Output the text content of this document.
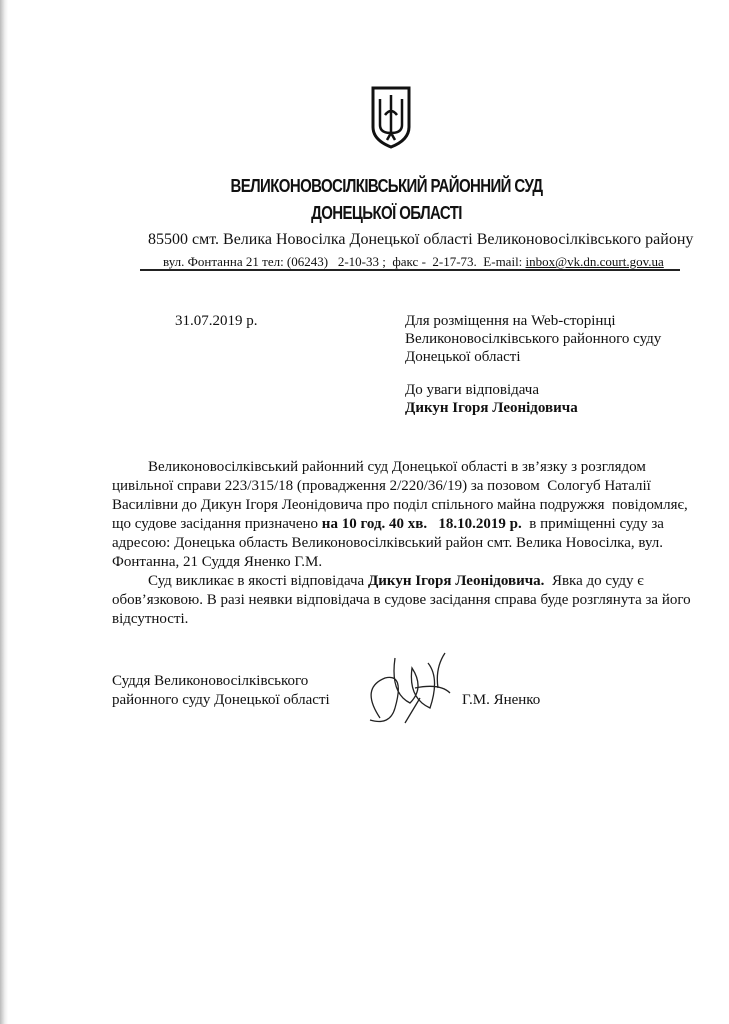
ВЕЛИКОНОВОСІЛКІВСЬКИЙ РАЙОННИЙ СУД
ДОНЕЦЬКОЇ ОБЛАСТІ
85500 смт. Велика Новосілка Донецької області Великоновосілківського району
вул. Фонтанна 21 тел: (06243)   2-10-33 ;  факс -  2-17-73.  E-mail: inbox@vk.dn.court.gov.ua
31.07.2019 р.	Для розміщення на Web-сторінці
Великоновосілківського районного суду
Донецької області
До уваги відповідача
Дикун Ігоря Леонідовича
Великоновосілківський районний суд Донецької області в зв’язку з розглядом
цивільної справи 223/315/18 (провадження 2/220/36/19) за позовом  Сологуб Наталії
Василівни до Дикун Ігоря Леонідовича про поділ спільного майна подружжя  повідомляє,
що судове засідання призначено на 10 год. 40 хв.   18.10.2019 р.  в приміщенні суду за
адресою: Донецька область Великоновосілківський район смт. Велика Новосілка, вул.
Фонтанна, 21 Суддя Яненко Г.М.
Суд викликає в якості відповідача Дикун Ігоря Леонідовича.  Явка до суду є
обов’язковою. В разі неявки відповідача в судове засідання справа буде розглянута за його
відсутності.
Суддя Великоновосілківського
районного суду Донецької області	Г.М. Яненко
